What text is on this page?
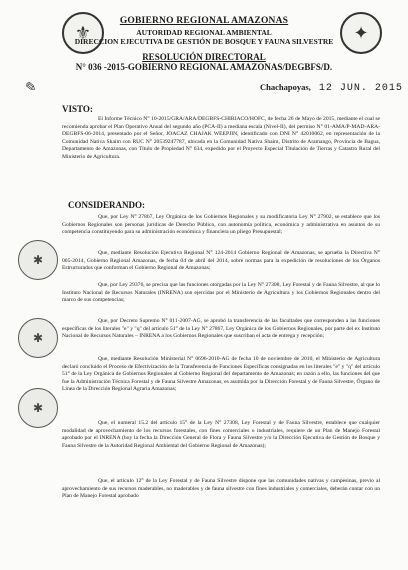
⚜	✦
GOBIERNO REGIONAL AMAZONAS
AUTORIDAD REGIONAL AMBIENTAL
DIRECCION EJECUTIVA DE GESTIÓN DE BOSQUE Y FAUNA SILVESTRE
RESOLUCIÓN DIRECTORAL
N° 036 -2015-GOBIERNO REGIONAL AMAZONAS/DEGBFS/D.
Chachapoyas, 12 JUN. 2015
✎
VISTO:

El Informe Técnico N° 10-2015/GRA/ARA/DEGBFS-CHIRIACO/HOFC, de fecha 26 de Mayo de 2015, mediante el cual se recomienda aprobar el Plan Operativo Anual del segundo año (PCA-II) a mediana escala (Nivel-II), del permiso N° 01-AMA/P-MAD-ARA-DEGBFS-06-2014, presentado por el Señor, JOACAZ CHAJAK WEEPJIN, identificado con DNI N° 42010062, en representación de la Comunidad Nativa Shaim con RUC N° 20539247787, ubicada en la Comunidad Nativa Shaim, Distrito de Aramango, Provincia de Bagua, Departamento de Amazonas, con Título de Propiedad N° 634, expedido por el Proyecto Especial Titulación de Tierras y Catastro Rural del Ministerio de Agricultura.

CONSIDERANDO:

Que, por Ley N° 27867, Ley Orgánica de los Gobiernos Regionales y su modificatoria Ley N° 27902, se establece que los Gobiernos Regionales son personas jurídicas de Derecho Público, con autonomía política, económica y administrativa en asuntos de su competencia constituyendo para su administración económica y financiera un pliego Presupuestal;

Que, mediante Resolución Ejecutiva Regional N° 124-2014 Gobierno Regional de Amazonas, se aprueba la Directiva N° 005-2014, Gobierno Regional Amazonas, de fecha 04 de abril del 2014, sobre normas para la expedición de resoluciones de los Órganos Estructurados que conforman el Gobierno Regional de Amazonas;

Que, por Ley 29376, se precisa que las funciones otorgadas por la Ley N° 27308, Ley Forestal y de Fauna Silvestre, al que lo Instituto Nacional de Recursos Naturales (INRENA) son ejercidas por el Ministerio de Agricultura y los Gobiernos Regionales dentro del marco de sus competencias;

Que, por Decreto Supremo N° 011-2007-AG, se aprobó la transferencia de las facultades que corresponden a las funciones específicas de los literales "e" y "q" del artículo 51° de la Ley N° 27867, Ley Orgánica de los Gobiernos Regionales, por parte del ex Instituto Nacional de Recursos Naturales – INRENA a los Gobiernos Regionales que suscriban el acta de entrega y recepción;

Que, mediante Resolución Ministerial N° 0696-2010-AG de fecha 10 de noviembre de 2010, el Ministerio de Agricultura declaró concluido el Proceso de Efectivización de la Transferencia de Funciones Específicas consignadas en los literales "e" y "q" del artículo 51° de la Ley Orgánica de Gobiernos Regionales al Gobierno Regional del departamento de Amazonas; en razón a ello, las funciones del que fue la Administración Técnica Forestal y de Fauna Silvestre Amazonas, es asumida por la Dirección Forestal y de Fauna Silvestre, Órgano de Línea de la Dirección Regional Agraria Amazonas;

Que, el numeral 15.2 del artículo 15° de la Ley N° 27308, Ley Forestal y de Fauna Silvestre, establece que cualquier modalidad de aprovechamiento de los recursos forestales, con fines comerciales o industriales, requiere de un Plan de Manejo Forestal aprobado por el INRENA (hoy la fecha la Dirección General de Flora y Fauna Silvestre y/o la Dirección Ejecutiva de Gestión de Bosque y Fauna Silvestre de la Autoridad Regional Ambiental del Gobierno Regional de Amazonas);

Que, el artículo 12° de la Ley Forestal y de Fauna Silvestre dispone que las comunidades nativas y campesinas, previo al aprovechamiento de sus recursos maderables, no maderables y de fauna silvestre con fines industriales y comerciales, deberán contar con un Plan de Manejo Forestal aprobado

✱
✱
✱
